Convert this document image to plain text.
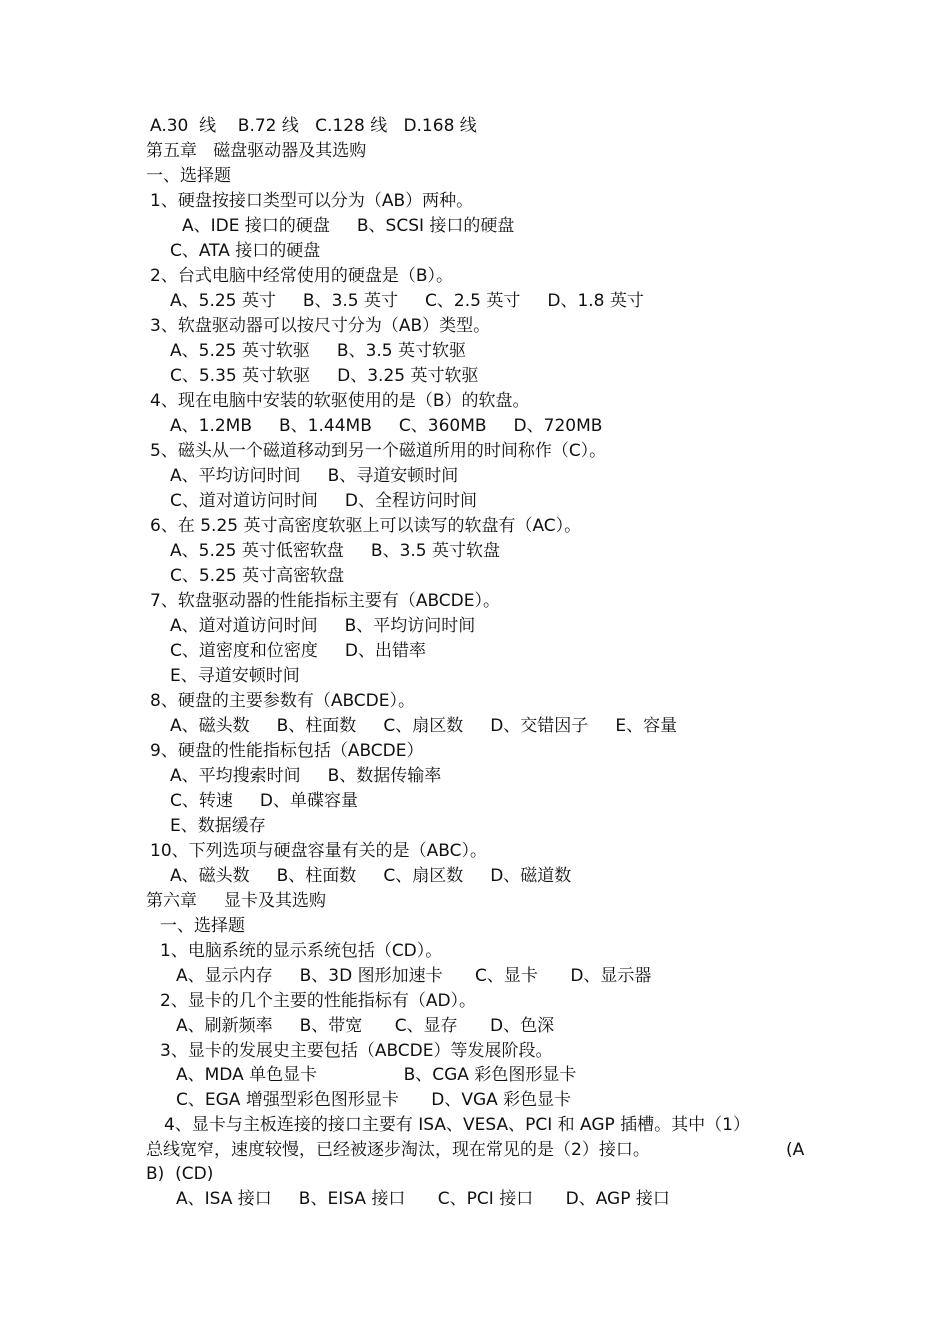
A.30  线    B.72 线   C.128 线   D.168 线
第五章   磁盘驱动器及其选购
一、选择题
1、硬盘按接口类型可以分为（AB）两种。
A、IDE 接口的硬盘     B、SCSI 接口的硬盘
C、ATA 接口的硬盘
2、台式电脑中经常使用的硬盘是（B）。
A、5.25 英寸     B、3.5 英寸     C、2.5 英寸     D、1.8 英寸
3、软盘驱动器可以按尺寸分为（AB）类型。
A、5.25 英寸软驱     B、3.5 英寸软驱
C、5.35 英寸软驱     D、3.25 英寸软驱
4、现在电脑中安装的软驱使用的是（B）的软盘。
A、1.2MB     B、1.44MB     C、360MB     D、720MB
5、磁头从一个磁道移动到另一个磁道所用的时间称作（C）。
A、平均访问时间     B、寻道安顿时间
C、道对道访问时间     D、全程访问时间
6、在 5.25 英寸高密度软驱上可以读写的软盘有（AC）。
A、5.25 英寸低密软盘     B、3.5 英寸软盘
C、5.25 英寸高密软盘
7、软盘驱动器的性能指标主要有（ABCDE）。
A、道对道访问时间     B、平均访问时间
C、道密度和位密度     D、出错率
E、寻道安顿时间
8、硬盘的主要参数有（ABCDE）。
A、磁头数     B、柱面数     C、扇区数     D、交错因子     E、容量
9、硬盘的性能指标包括（ABCDE）
A、平均搜索时间     B、数据传输率
C、转速     D、单碟容量
E、数据缓存
10、下列选项与硬盘容量有关的是（ABC）。
A、磁头数     B、柱面数     C、扇区数     D、磁道数
第六章     显卡及其选购
一、选择题
1、电脑系统的显示系统包括（CD）。
A、显示内存     B、3D 图形加速卡      C、显卡      D、显示器
2、显卡的几个主要的性能指标有（AD）。
A、刷新频率     B、带宽      C、显存      D、色深
3、显卡的发展史主要包括（ABCDE）等发展阶段。
A、MDA 单色显卡                B、CGA 彩色图形显卡
C、EGA 增强型彩色图形显卡      D、VGA 彩色显卡
4、显卡与主板连接的接口主要有 ISA、VESA、PCI 和 AGP 插槽。其中（1）
总线宽窄，速度较慢，已经被逐步淘汰，现在常见的是（2）接口。	(A
B)  (CD)
A、ISA 接口     B、EISA 接口      C、PCI 接口      D、AGP 接口
